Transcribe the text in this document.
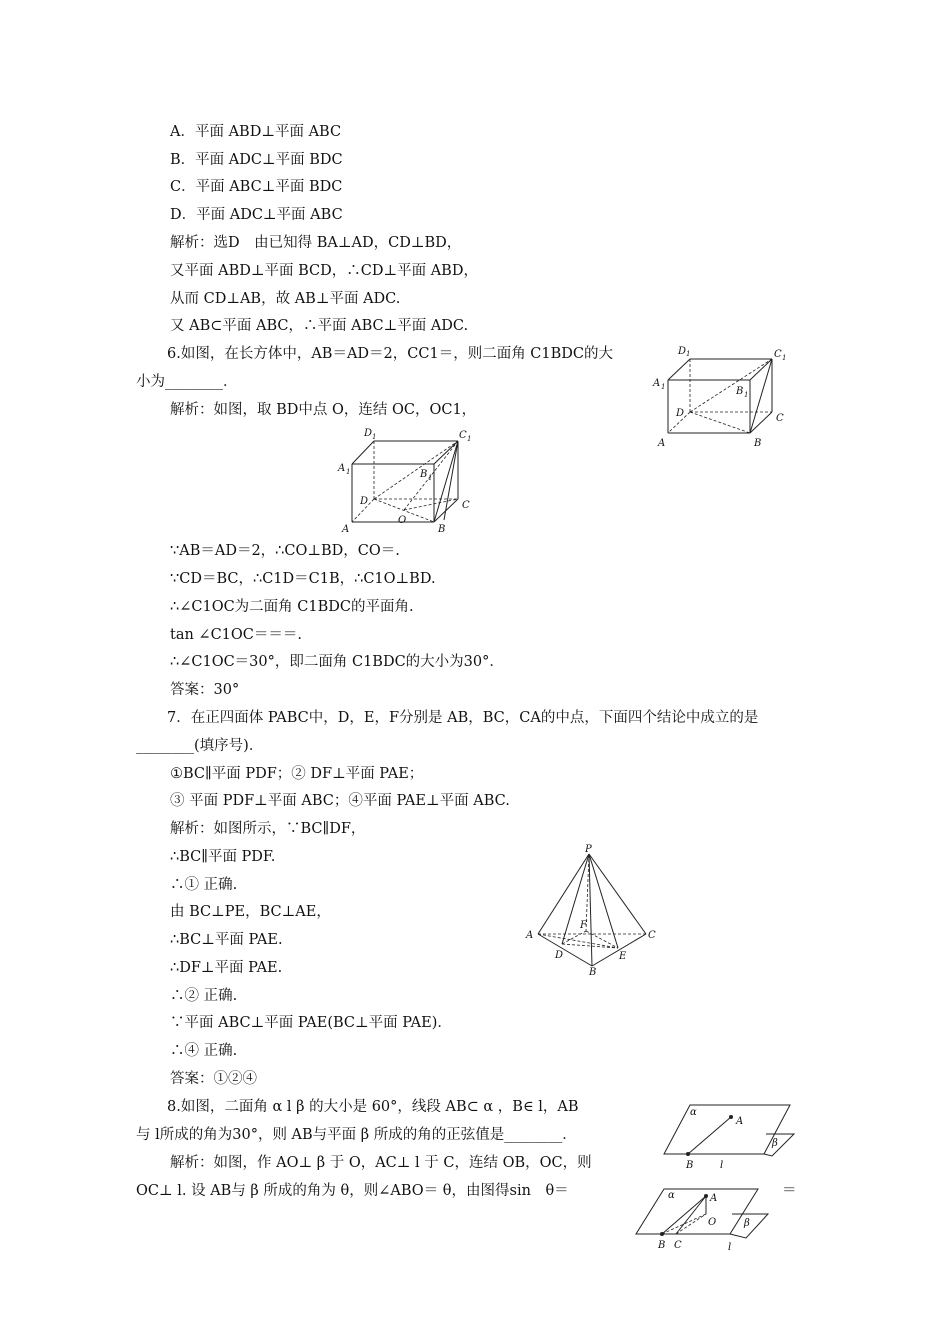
A．平面 ABD⊥平面 ABC
B．平面 ADC⊥平面 BDC
C．平面 ABC⊥平面 BDC
D．平面 ADC⊥平面 ABC
解析：选D　由已知得 BA⊥AD，CD⊥BD，
又平面 ABD⊥平面 BCD，∴CD⊥平面 ABD，
从而 CD⊥AB，故 AB⊥平面 ADC.
又 AB⊂平面 ABC，∴平面 ABC⊥平面 ADC.
6.如图，在长方体中，AB＝AD＝2，CC1＝，则二面角 C1BDC的大
小为________．
解析：如图，取 BD中点 O，连结 OC，OC1，
D 1	C 1
A 1	B 1
D	C
A	B
D 1	C 1
A 1	B 1
D	C
O
A	B
∵AB＝AD＝2，∴CO⊥BD，CO＝.
∵CD＝BC，∴C1D＝C1B，∴C1O⊥BD.
∴∠C1OC为二面角 C1BDC的平面角.
tan ∠C1OC＝＝＝.
∴∠C1OC＝30°，即二面角 C1BDC的大小为30°．
答案：30°
7．在正四面体 PABC中，D，E，F分别是 AB，BC，CA的中点，下面四个结论中成立的是
________(填序号)．
①BC∥平面 PDF；② DF⊥平面 PAE；
③ 平面 PDF⊥平面 ABC；④平面 PAE⊥平面 ABC.
解析：如图所示，∵BC∥DF，
∴BC∥平面 PDF.
∴① 正确.
由 BC⊥PE，BC⊥AE，
∴BC⊥平面 PAE.
∴DF⊥平面 PAE.
∴② 正确.
∵平面 ABC⊥平面 PAE(BC⊥平面 PAE)．
∴④ 正确.
答案：①②④
P
A	C
F
D	E
B
8.如图，二面角 α l β 的大小是 60°，线段 AB⊂ α ，B∈ l，AB
与 l所成的角为30°，则 AB与平面 β 所成的角的正弦值是________．
解析：如图，作 AO⊥ β 于 O，AC⊥ l 于 C，连结 OB，OC，则
OC⊥ l. 设 AB与 β 所成的角为 θ，则∠ABO＝ θ，由图得sin　θ＝	＝
α
A
β
B	l
α	A
O	β
B C	l
